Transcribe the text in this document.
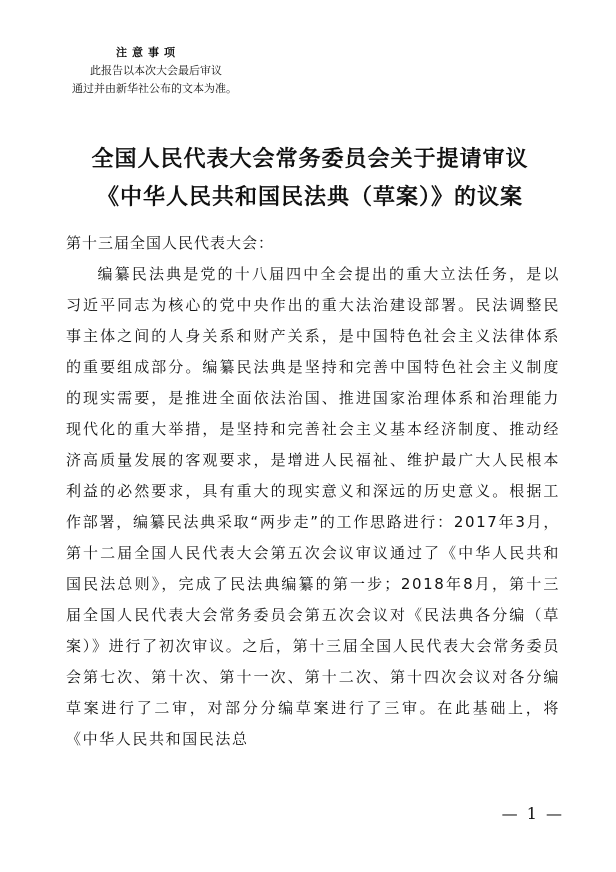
注意事项
此报告以本次大会最后审议
通过并由新华社公布的文本为准。
全国人民代表大会常务委员会关于提请审议
《中华人民共和国民法典（草案）》的议案
第十三届全国人民代表大会：
编纂民法典是党的十八届四中全会提出的重大立法任务，是以习近平同志为核心的党中央作出的重大法治建设部署。民法调整民事主体之间的人身关系和财产关系，是中国特色社会主义法律体系的重要组成部分。编纂民法典是坚持和完善中国特色社会主义制度的现实需要，是推进全面依法治国、推进国家治理体系和治理能力现代化的重大举措，是坚持和完善社会主义基本经济制度、推动经济高质量发展的客观要求，是增进人民福祉、维护最广大人民根本利益的必然要求，具有重大的现实意义和深远的历史意义。根据工作部署，编纂民法典采取“两步走”的工作思路进行：2017年3月，第十二届全国人民代表大会第五次会议审议通过了《中华人民共和国民法总则》，完成了民法典编纂的第一步；2018年8月，第十三届全国人民代表大会常务委员会第五次会议对《民法典各分编（草案）》进行了初次审议。之后，第十三届全国人民代表大会常务委员会第七次、第十次、第十一次、第十二次、第十四次会议对各分编草案进行了二审，对部分分编草案进行了三审。在此基础上，将《中华人民共和国民法总
— 1 —
